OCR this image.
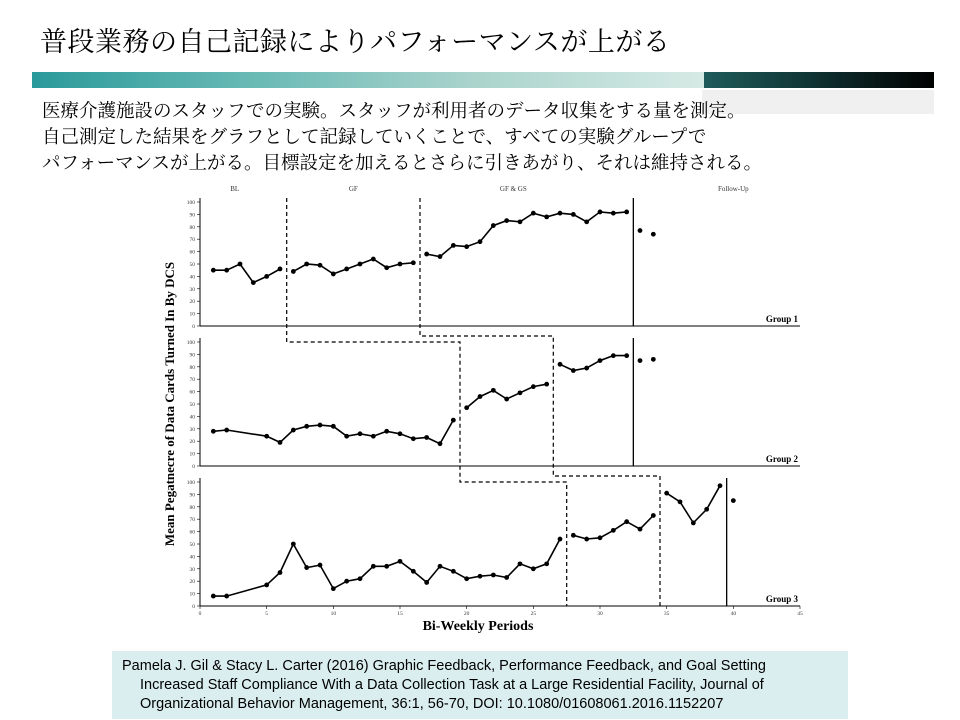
普段業務の自己記録によりパフォーマンスが上がる
医療介護施設のスタッフでの実験。スタッフが利用者のデータ収集をする量を測定。
自己測定した結果をグラフとして記録していくことで、すべての実験グループで
パフォーマンスが上がる。目標設定を加えるとさらに引きあがり、それは維持される。
0
10
20
30
40
50
60
70
80
90
100
Group 1
0
10
20
30
40
50
60
70
80
90
100
Group 2
0
10
20
30
40
50
60
70
80
90
100
Group 3
BL	GF	GF & GS	Follow-Up
0	5	10	15	20	25	30	35	40	45
Bi-Weekly Periods
Mean Pegatnecre of Data Cards Turned In By DCS
Pamela J. Gil & Stacy L. Carter (2016) Graphic Feedback, Performance Feedback, and Goal Setting
Increased Staff Compliance With a Data Collection Task at a Large Residential Facility, Journal of
Organizational Behavior Management, 36:1, 56-70, DOI: 10.1080/01608061.2016.1152207
